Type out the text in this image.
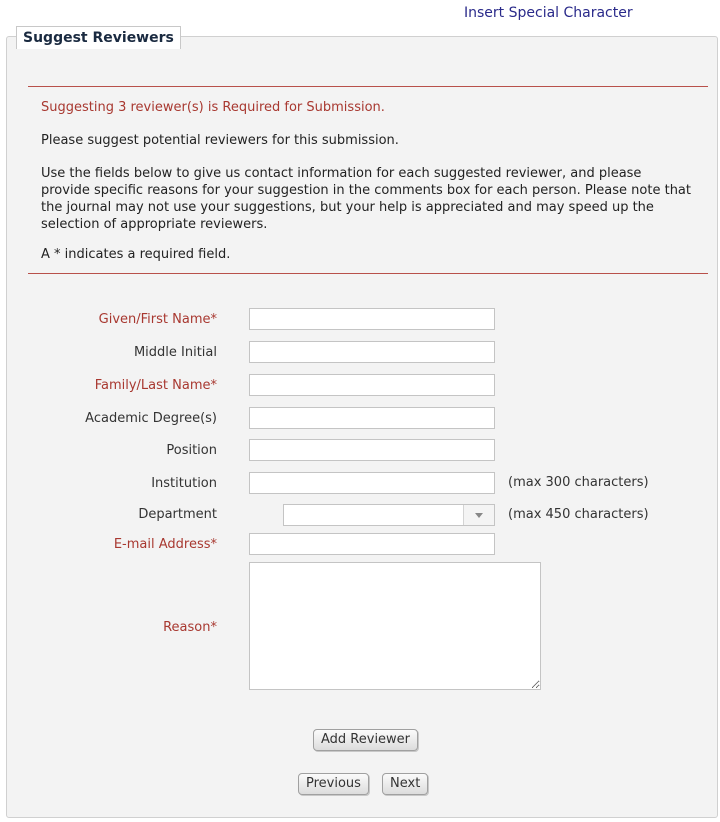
Insert Special Character
Suggest Reviewers
Suggesting 3 reviewer(s) is Required for Submission.
Please suggest potential reviewers for this submission.
Use the fields below to give us contact information for each suggested reviewer, and please provide specific reasons for your suggestion in the comments box for each person. Please note that the journal may not use your suggestions, but your help is appreciated and may speed up the selection of appropriate reviewers.
A * indicates a required field.
Given/First Name*
Middle Initial
Family/Last Name*
Academic Degree(s)
Position
Institution	(max 300 characters)
Department	(max 450 characters)
E-mail Address*
Reason*
Add Reviewer
Previous	Next
